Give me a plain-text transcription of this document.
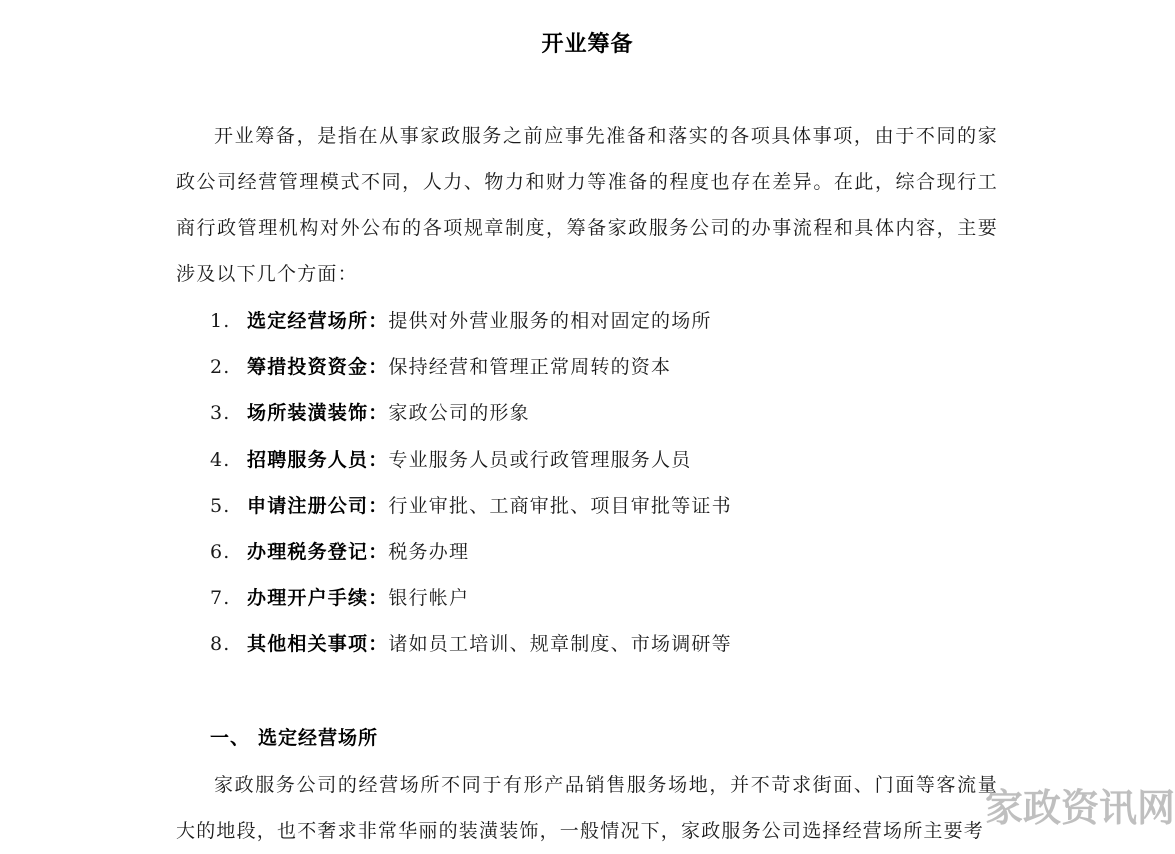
开业筹备

开业筹备，是指在从事家政服务之前应事先准备和落实的各项具体事项，由于不同的家政公司经营管理模式不同，人力、物力和财力等准备的程度也存在差异。在此，综合现行工商行政管理机构对外公布的各项规章制度，筹备家政服务公司的办事流程和具体内容，主要涉及以下几个方面：

1. 选定经营场所：提供对外营业服务的相对固定的场所
2. 筹措投资资金：保持经营和管理正常周转的资本
3. 场所装潢装饰：家政公司的形象
4. 招聘服务人员：专业服务人员或行政管理服务人员
5. 申请注册公司：行业审批、工商审批、项目审批等证书
6. 办理税务登记：税务办理
7. 办理开户手续：银行帐户
8. 其他相关事项：诸如员工培训、规章制度、市场调研等
一、 选定经营场所

家政服务公司的经营场所不同于有形产品销售服务场地，并不苛求街面、门面等客流量大的地段，也不奢求非常华丽的装潢装饰，一般情况下，家政服务公司选择经营场所主要考

家政资讯网
